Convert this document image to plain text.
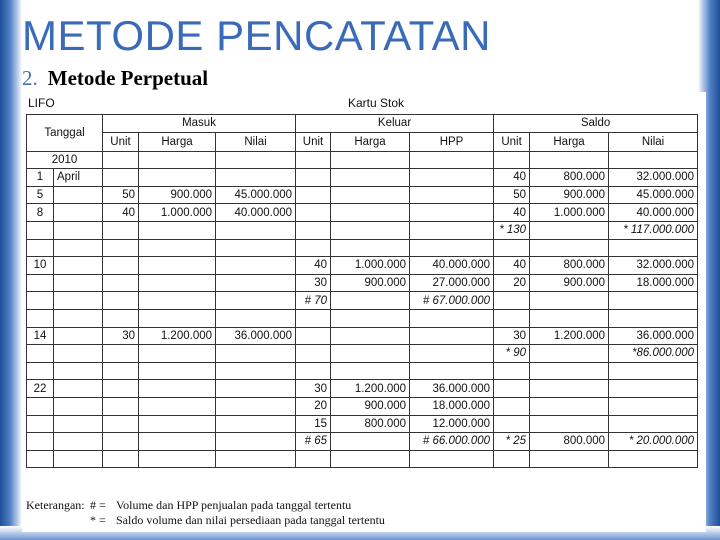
METODE PENCATATAN
2. Metode Perpetual
LIFO	Kartu Stok
Tanggal		Masuk			Keluar			Saldo		
		Unit	Harga	Nilai	Unit	Harga	HPP	Unit	Harga	Nilai
2010										
1	April							40	800.000	32.000.000
5		50	900.000	45.000.000				50	900.000	45.000.000
8		40	1.000.000	40.000.000				40	1.000.000	40.000.000
								* 130		* 117.000.000

10					40	1.000.000	40.000.000	40	800.000	32.000.000
					30	900.000	27.000.000	20	900.000	18.000.000
					# 70		# 67.000.000			

14		30	1.200.000	36.000.000				30	1.200.000	36.000.000
								* 90		*86.000.000

22					30	1.200.000	36.000.000			
					20	900.000	18.000.000			
					15	800.000	12.000.000			
					# 65		# 66.000.000	* 25	800.000	* 20.000.000

Keterangan: # = Volume dan HPP penjualan pada tanggal tertentu
* = Saldo volume dan nilai persediaan pada tanggal tertentu
